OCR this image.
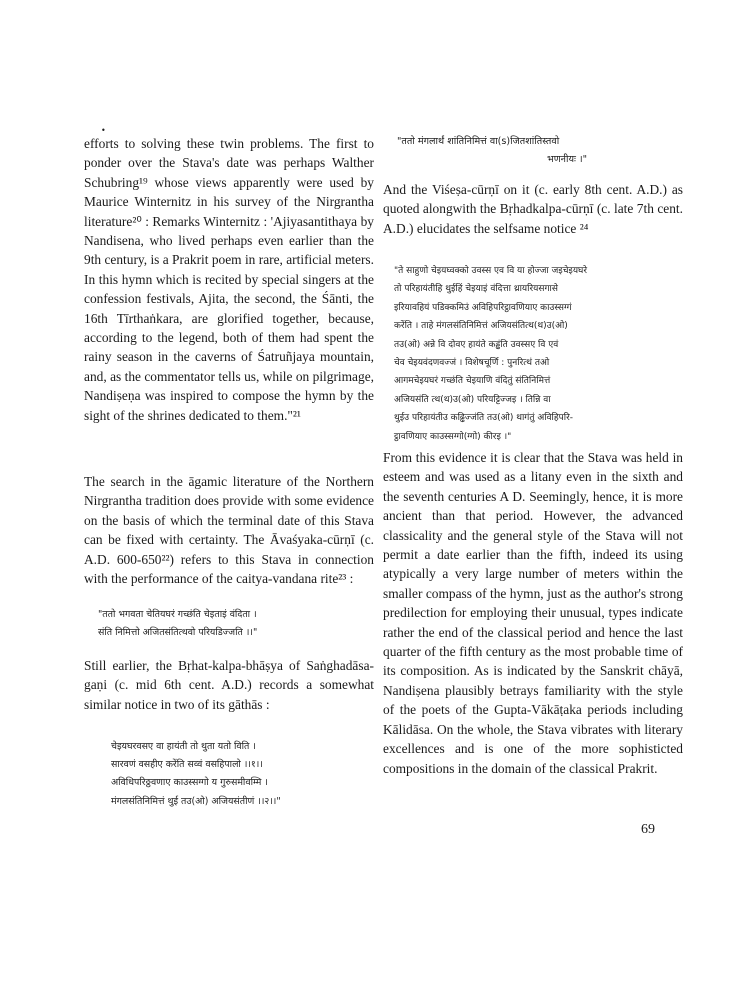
•

efforts to solving these twin problems. The first to ponder over the Stava's date was perhaps Walther Schubring¹⁹ whose views apparently were used by Maurice Winternitz in his survey of the Nirgrantha literature²⁰ : Remarks Winternitz : 'Ajiyasantithaya by Nandisena, who lived perhaps even earlier than the 9th century, is a Prakrit poem in rare, artificial meters. In this hymn which is recited by special singers at the confession festivals, Ajita, the second, the Śānti, the 16th Tīrthaṅkara, are glorified together, because, according to the legend, both of them had spent the rainy season in the caverns of Śatruñjaya mountain, and, as the commentator tells us, while on pilgrimage, Nandiṣeṇa was inspired to compose the hymn by the sight of the shrines dedicated to them."²¹

The search in the āgamic literature of the Northern Nirgrantha tradition does provide with some evidence on the basis of which the terminal date of this Stava can be fixed with certainty. The Āvaśyaka-cūrṇī (c. A.D. 600-650²²) refers to this Stava in connection with the performance of the caitya-vandana rite²³ :

"ततो भगवता चेतियघरं गच्छंति चेइताइं वंदिता ।
संति निमित्तो अजितसंतित्थवो परियडिज्जति ।।"

Still earlier, the Bṛhat-kalpa-bhāṣya of Saṅghadāsa-gaṇi (c. mid 6th cent. A.D.) records a somewhat similar notice in two of its gāthās :

चेइयघरवसए वा हायंती तो थुता यतो विति ।
सारवणं वसहीए करेंति सव्वं वसहिपालो ।।१।।
अविधिपरिठ्ठवणाए काउस्सग्गो य गुरुसमीवम्मि ।
मंगलसंतिनिमित्तं थुई तउ(ओ) अजियसंतीणं ।।२।।"
"ततो मंगलार्थं शांतिनिमित्तं वा(s)जितशांतिस्तवो
भणनीयः ।"

And the Viśeṣa-cūrṇī on it (c. early 8th cent. A.D.) as quoted alongwith the Bṛhadkalpa-cūrṇī (c. late 7th cent. A.D.) elucidates the selfsame notice ²⁴

"ते साहुणो चेइयघ्वक्को उवस्स एव वि या होज्जा जइचेइयघरे
तो परिहायंतीहि थुईहिं चेइयाइं वंदित्ता थ्रायरियसगासे
इरियावहियं पडिक्कमिउं अविहिपरिट्ठावणियाए काउस्सग्गं
करेंति । ताहे मंगलसंतिनिमित्तं अजियसंतित्थ(थ)उ(ओ)
तउ(ओ) अन्ने वि दोवए हायंते कड्ढंति उवस्सए वि एवं
चेव चेइयवंदणवज्जं । विशेषचूर्णि : पुनरित्थं तओ
आगमचेइयघरं गच्छंति चेइयाणि वंदितुं संतिनिमित्तं
अजियसंति त्थ(थ)उ(ओ) परियट्टिज्जइ । तिन्नि वा
थुईउ परिहायंतीउ कढ्ढिज्जंति तउ(ओ) थागंतुं अविहिपरि-
ट्ठावणियाए काउस्सग्गो(ग्गो) कीरइ ।"

From this evidence it is clear that the Stava was held in esteem and was used as a litany even in the sixth and the seventh centuries A D. Seemingly, hence, it is more ancient than that period. However, the advanced classicality and the general style of the Stava will not permit a date earlier than the fifth, indeed its using atypically a very large number of meters within the smaller compass of the hymn, just as the author's strong predilection for employing their unusual, types indicate rather the end of the classical period and hence the last quarter of the fifth century as the most probable time of its composition. As is indicated by the Sanskrit chāyā, Nandiṣena plausibly betrays familiarity with the style of the poets of the Gupta-Vākāṭaka periods including Kālidāsa. On the whole, the Stava vibrates with literary excellences and is one of the more sophisticted compositions in the domain of the classical Prakrit.

69
